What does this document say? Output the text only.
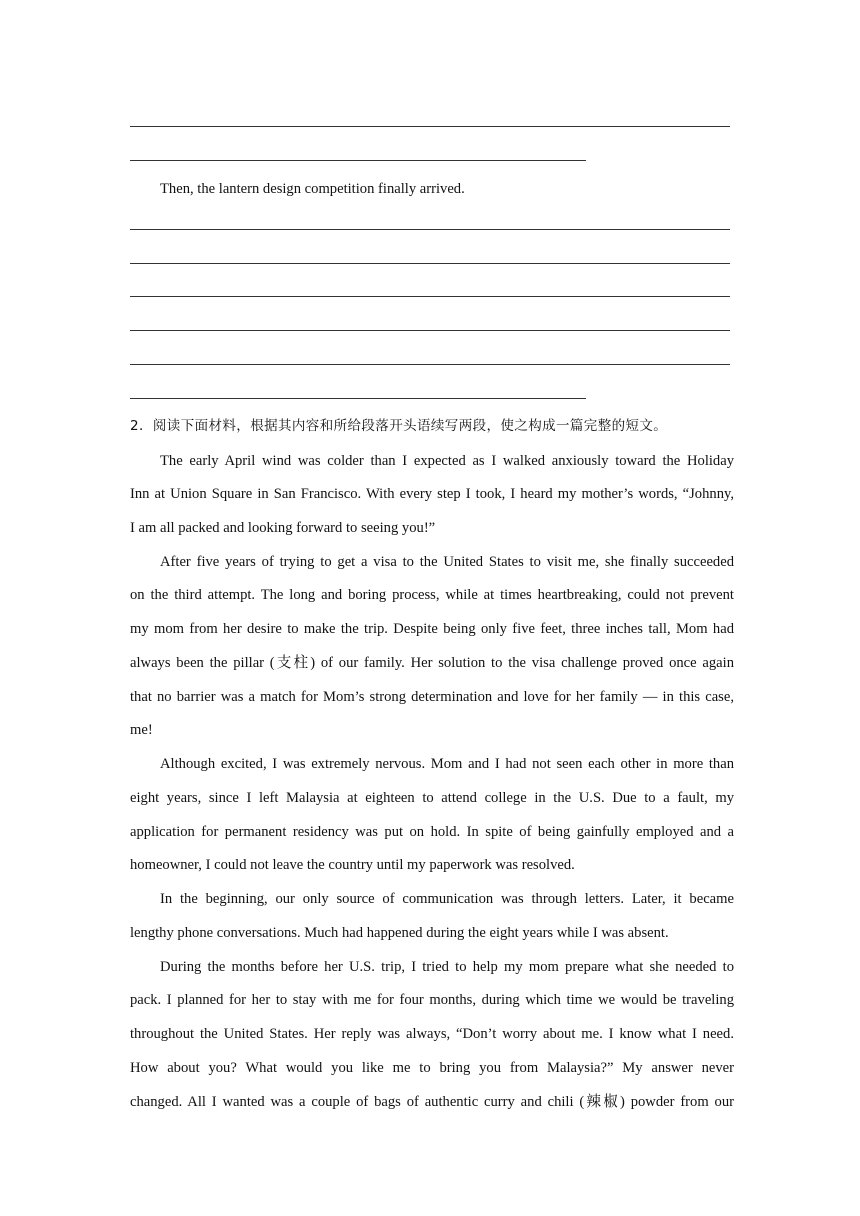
Then, the lantern design competition finally arrived.
2．阅读下面材料，根据其内容和所给段落开头语续写两段，使之构成一篇完整的短文。
The early April wind was colder than I expected as I walked anxiously toward the Holiday
Inn at Union Square in San Francisco. With every step I took, I heard my mother’s words, “Johnny,
I am all packed and looking forward to seeing you!”
After five years of trying to get a visa to the United States to visit me, she finally succeeded
on the third attempt. The long and boring process, while at times heartbreaking, could not prevent
my mom from her desire to make the trip. Despite being only five feet, three inches tall, Mom had
always been the pillar (支柱) of our family. Her solution to the visa challenge proved once again
that no barrier was a match for Mom’s strong determination and love for her family — in this case,
me!
Although excited, I was extremely nervous. Mom and I had not seen each other in more than
eight years, since I left Malaysia at eighteen to attend college in the U.S. Due to a fault, my
application for permanent residency was put on hold. In spite of being gainfully employed and a
homeowner, I could not leave the country until my paperwork was resolved.
In the beginning, our only source of communication was through letters. Later, it became
lengthy phone conversations. Much had happened during the eight years while I was absent.
During the months before her U.S. trip, I tried to help my mom prepare what she needed to
pack. I planned for her to stay with me for four months, during which time we would be traveling
throughout the United States. Her reply was always, “Don’t worry about me. I know what I need.
How about you? What would you like me to bring you from Malaysia?” My answer never
changed. All I wanted was a couple of bags of authentic curry and chili (辣椒) powder from our
